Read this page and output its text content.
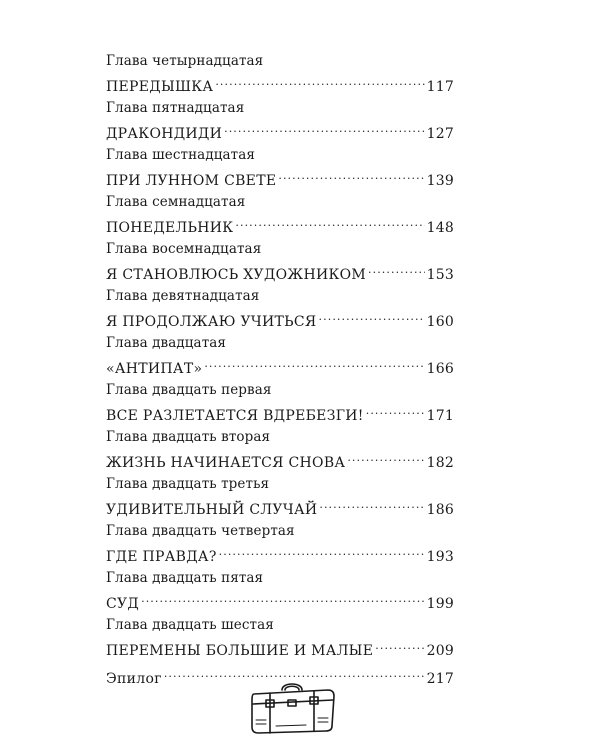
Глава четырнадцатая
ПЕРЕДЫШКА . . .	117
Глава пятнадцатая
ДРАКОНДИДИ . . .	127
Глава шестнадцатая
ПРИ ЛУННОМ СВЕТЕ . . .	139
Глава семнадцатая
ПОНЕДЕЛЬНИК . . .	148
Глава восемнадцатая
Я СТАНОВЛЮСЬ ХУДОЖНИКОМ . . .	153
Глава девятнадцатая
Я ПРОДОЛЖАЮ УЧИТЬСЯ . . .	160
Глава двадцатая
«АНТИПАТ» . . .	166
Глава двадцать первая
ВСЕ РАЗЛЕТАЕТСЯ ВДРЕБЕЗГИ! . . .	171
Глава двадцать вторая
ЖИЗНЬ НАЧИНАЕТСЯ СНОВА . . .	182
Глава двадцать третья
УДИВИТЕЛЬНЫЙ СЛУЧАЙ . . .	186
Глава двадцать четвертая
ГДЕ ПРАВДА? . . .	193
Глава двадцать пятая
СУД . . .	199
Глава двадцать шестая
ПЕРЕМЕНЫ БОЛЬШИЕ И МАЛЫЕ . . .	209
Эпилог . . .	217
